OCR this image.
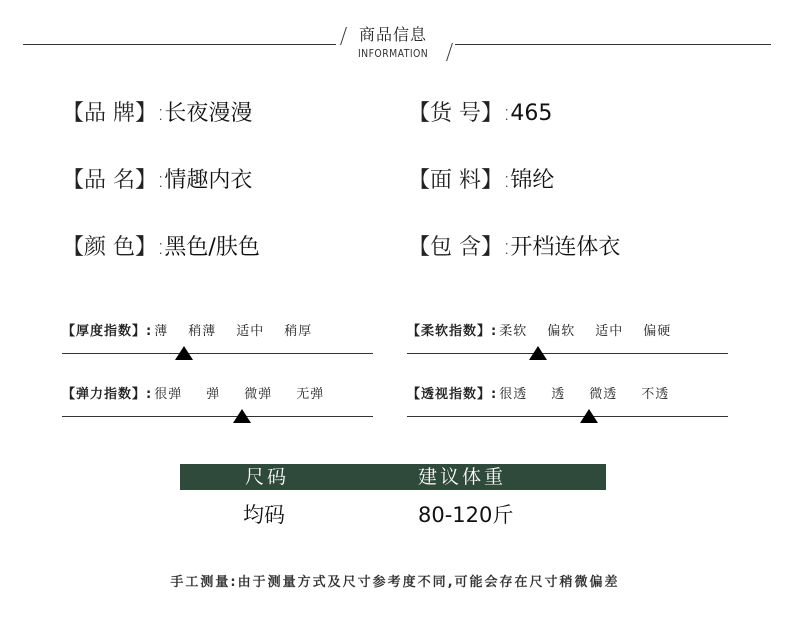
商品信息
INFORMATION
【品 牌】:长夜漫漫	【货 号】:465
【品 名】:情趣内衣	【面 料】:锦纶
【颜 色】:黑色/肤色	【包 含】:开档连体衣
【厚度指数】: 薄 稍薄 适中 稍厚	【柔软指数】: 柔软 偏软 适中 偏硬
【弹力指数】: 很弹 弹 微弹 无弹	【透视指数】: 很透 透 微透 不透
尺码	建议体重
均码	80-120斤
手工测量:由于测量方式及尺寸参考度不同,可能会存在尺寸稍微偏差
